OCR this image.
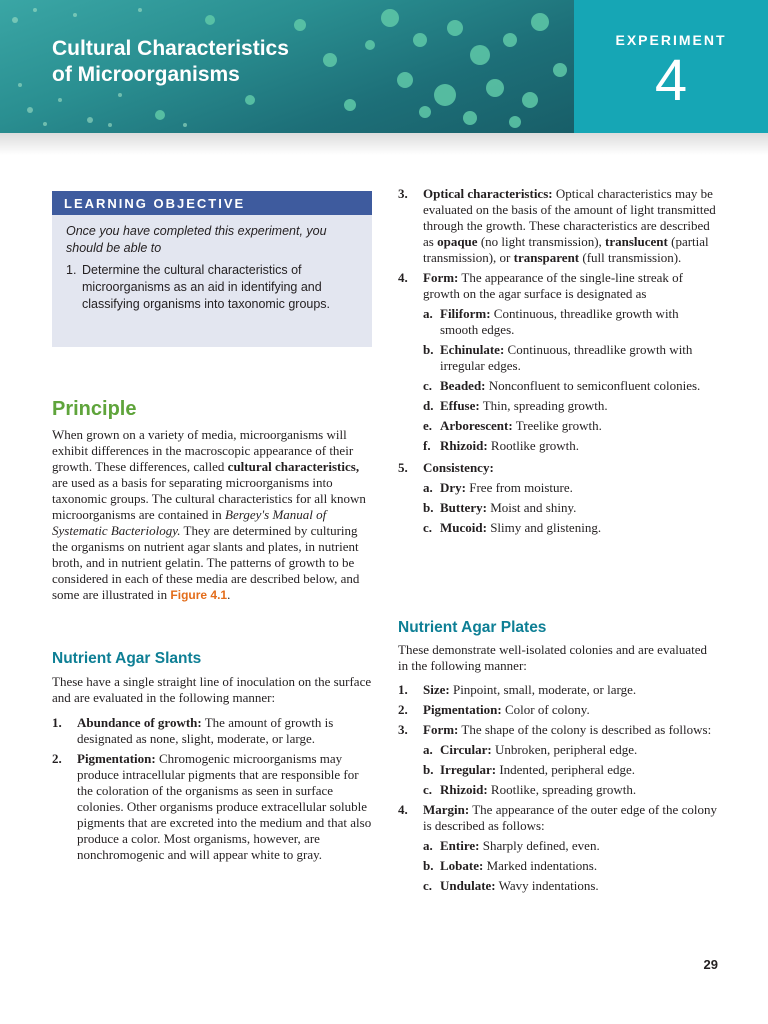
Cultural Characteristics
of Microorganisms
EXPERIMENT
4
LEARNING OBJECTIVE
Once you have completed this experiment, you should be able to
1. Determine the cultural characteristics of microorganisms as an aid in identifying and classifying organisms into taxonomic groups.
Principle

When grown on a variety of media, microorganisms will exhibit differences in the macroscopic appearance of their growth. These differences, called cultural characteristics, are used as a basis for separating microorganisms into taxonomic groups. The cultural characteristics for all known microorganisms are contained in Bergey's Manual of Systematic Bacteriology. They are determined by culturing the organisms on nutrient agar slants and plates, in nutrient broth, and in nutrient gelatin. The patterns of growth to be considered in each of these media are described below, and some are illustrated in Figure 4.1.

Nutrient Agar Slants

These have a single straight line of inoculation on the surface and are evaluated in the following manner:

1.	Abundance of growth: The amount of growth is designated as none, slight, moderate, or large.
2.	Pigmentation: Chromogenic microorganisms may produce intracellular pigments that are responsible for the coloration of the organisms as seen in surface colonies. Other organisms produce extracellular soluble pigments that are excreted into the medium and that also produce a color. Most organisms, however, are nonchromogenic and will appear white to gray.
3.	Optical characteristics: Optical characteristics may be evaluated on the basis of the amount of light transmitted through the growth. These characteristics are described as opaque (no light transmission), translucent (partial transmission), or transparent (full transmission).
4.	Form: The appearance of the single-line streak of growth on the agar surface is designated as
a. Filiform: Continuous, threadlike growth with smooth edges.
b. Echinulate: Continuous, threadlike growth with irregular edges.
c. Beaded: Nonconfluent to semiconfluent colonies.
d. Effuse: Thin, spreading growth.
e. Arborescent: Treelike growth.
f. Rhizoid: Rootlike growth.
5.	Consistency:
a. Dry: Free from moisture.
b. Buttery: Moist and shiny.
c. Mucoid: Slimy and glistening.
Nutrient Agar Plates

These demonstrate well-isolated colonies and are evaluated in the following manner:

1.	Size: Pinpoint, small, moderate, or large.
2.	Pigmentation: Color of colony.
3.	Form: The shape of the colony is described as follows:
a. Circular: Unbroken, peripheral edge.
b. Irregular: Indented, peripheral edge.
c. Rhizoid: Rootlike, spreading growth.
4.	Margin: The appearance of the outer edge of the colony is described as follows:
a. Entire: Sharply defined, even.
b. Lobate: Marked indentations.
c. Undulate: Wavy indentations.
29
